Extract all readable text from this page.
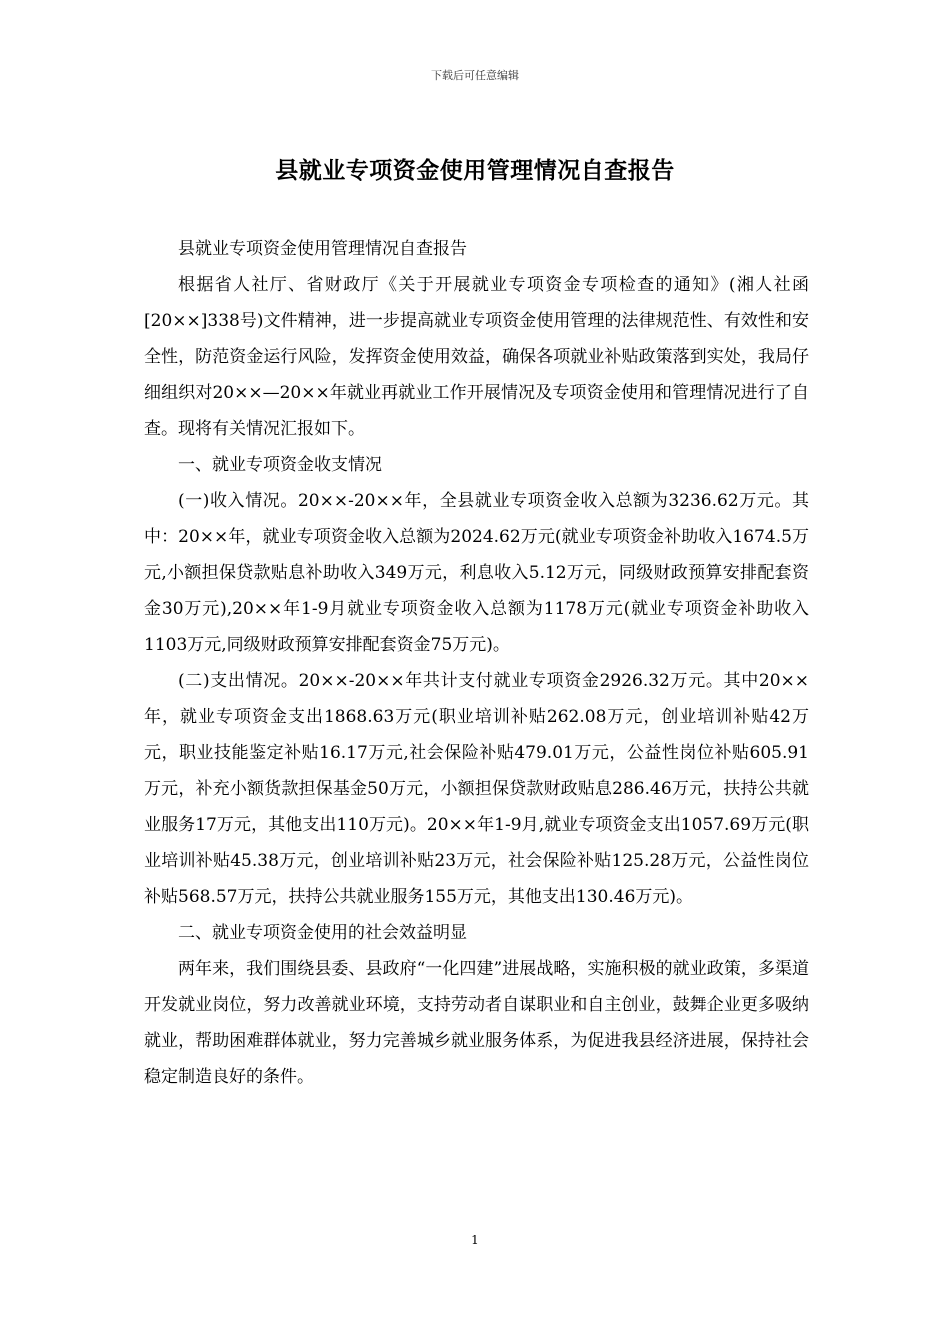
下载后可任意编辑
县就业专项资金使用管理情况自查报告

县就业专项资金使用管理情况自查报告

根据省人社厅、省财政厅《关于开展就业专项资金专项检查的通知》(湘人社函[20××]338号)文件精神，进一步提高就业专项资金使用管理的法律规范性、有效性和安全性，防范资金运行风险，发挥资金使用效益，确保各项就业补贴政策落到实处，我局仔细组织对20××—20××年就业再就业工作开展情况及专项资金使用和管理情况进行了自查。现将有关情况汇报如下。

一、就业专项资金收支情况

(一)收入情况。20××-20××年，全县就业专项资金收入总额为3236.62万元。其中：20××年，就业专项资金收入总额为2024.62万元(就业专项资金补助收入1674.5万元,小额担保贷款贴息补助收入349万元，利息收入5.12万元，同级财政预算安排配套资金30万元),20××年1-9月就业专项资金收入总额为1178万元(就业专项资金补助收入1103万元,同级财政预算安排配套资金75万元)。

(二)支出情况。20××-20××年共计支付就业专项资金2926.32万元。其中20××年，就业专项资金支出1868.63万元(职业培训补贴262.08万元，创业培训补贴42万元，职业技能鉴定补贴16.17万元,社会保险补贴479.01万元，公益性岗位补贴605.91万元，补充小额货款担保基金50万元，小额担保贷款财政贴息286.46万元，扶持公共就业服务17万元，其他支出110万元)。20××年1-9月,就业专项资金支出1057.69万元(职业培训补贴45.38万元，创业培训补贴23万元，社会保险补贴125.28万元，公益性岗位补贴568.57万元，扶持公共就业服务155万元，其他支出130.46万元)。

二、就业专项资金使用的社会效益明显

两年来，我们围绕县委、县政府“一化四建”进展战略，实施积极的就业政策，多渠道开发就业岗位，努力改善就业环境，支持劳动者自谋职业和自主创业，鼓舞企业更多吸纳就业，帮助困难群体就业，努力完善城乡就业服务体系，为促进我县经济进展，保持社会稳定制造良好的条件。

1
